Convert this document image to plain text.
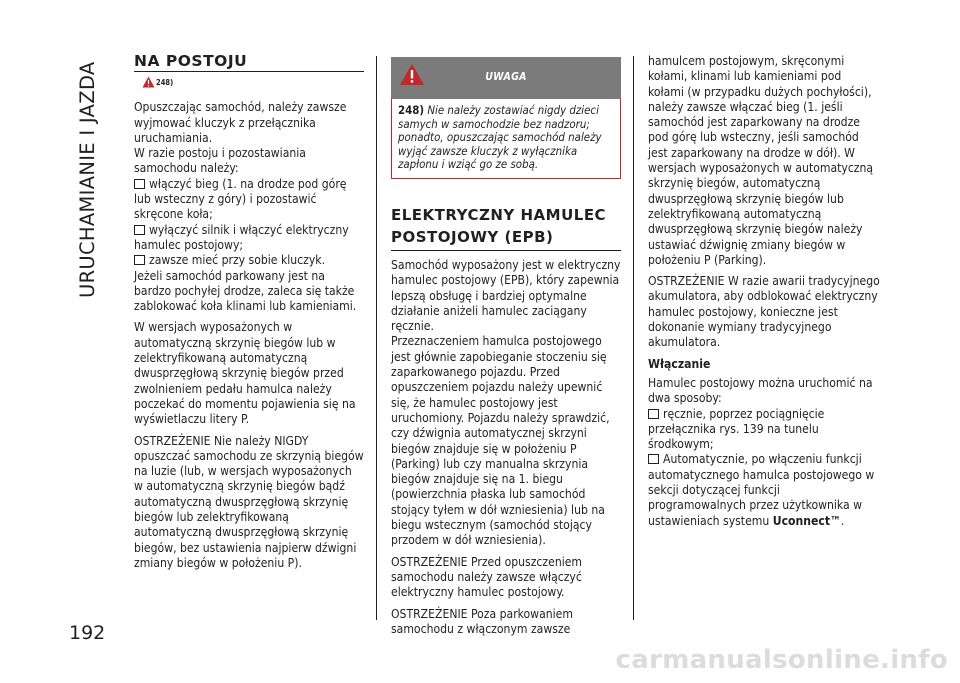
URUCHAMIANIE I JAZDA
NA POSTOJU
248)

Opuszczając samochód, należy zawsze wyjmować kluczyk z przełącznika uruchamiania.

W razie postoju i pozostawiania samochodu należy:

włączyć bieg (1. na drodze pod górę lub wsteczny z góry) i pozostawić skręcone koła;

wyłączyć silnik i włączyć elektryczny hamulec postojowy;

zawsze mieć przy sobie kluczyk.

Jeżeli samochód parkowany jest na bardzo pochyłej drodze, zaleca się także zablokować koła klinami lub kamieniami.

W wersjach wyposażonych w automatyczną skrzynię biegów lub w zelektryfikowaną automatyczną dwusprzęgłową skrzynię biegów przed zwolnieniem pedału hamulca należy poczekać do momentu pojawienia się na wyświetlaczu litery P.

OSTRZEŻENIE Nie należy NIGDY opuszczać samochodu ze skrzynią biegów na luzie (lub, w wersjach wyposażonych w automatyczną skrzynię biegów bądź automatyczną dwusprzęgłową skrzynię biegów lub zelektryfikowaną automatyczną dwusprzęgłową skrzynię biegów, bez ustawienia najpierw dźwigni zmiany biegów w położeniu P).

UWAGA
248) Nie należy zostawiać nigdy dzieci samych w samochodzie bez nadzoru; ponadto, opuszczając samochód należy wyjąć zawsze kluczyk z wyłącznika zapłonu i wziąć go ze sobą.
ELEKTRYCZNY HAMULEC
POSTOJOWY (EPB)

Samochód wyposażony jest w elektryczny hamulec postojowy (EPB), który zapewnia lepszą obsługę i bardziej optymalne działanie aniżeli hamulec zaciągany ręcznie.

Przeznaczeniem hamulca postojowego jest głównie zapobieganie stoczeniu się zaparkowanego pojazdu. Przed opuszczeniem pojazdu należy upewnić się, że hamulec postojowy jest uruchomiony. Pojazdu należy sprawdzić, czy dźwignia automatycznej skrzyni biegów znajduje się w położeniu P (Parking) lub czy manualna skrzynia biegów znajduje się na 1. biegu (powierzchnia płaska lub samochód stojący tyłem w dół wzniesienia) lub na biegu wstecznym (samochód stojący przodem w dół wzniesienia).

OSTRZEŻENIE Przed opuszczeniem samochodu należy zawsze włączyć elektryczny hamulec postojowy.

OSTRZEŻENIE Poza parkowaniem samochodu z włączonym zawsze

hamulcem postojowym, skręconymi kołami, klinami lub kamieniami pod kołami (w przypadku dużych pochyłości), należy zawsze włączać bieg (1. jeśli samochód jest zaparkowany na drodze pod górę lub wsteczny, jeśli samochód jest zaparkowany na drodze w dół). W wersjach wyposażonych w automatyczną skrzynię biegów, automatyczną dwusprzęgłową skrzynię biegów lub zelektryfikowaną automatyczną dwusprzęgłową skrzynię biegów należy ustawiać dźwignię zmiany biegów w położeniu P (Parking).

OSTRZEŻENIE W razie awarii tradycyjnego akumulatora, aby odblokować elektryczny hamulec postojowy, konieczne jest dokonanie wymiany tradycyjnego akumulatora.

Włączanie

Hamulec postojowy można uruchomić na dwa sposoby:

ręcznie, poprzez pociągnięcie przełącznika rys. 139 na tunelu środkowym;

Automatycznie, po włączeniu funkcji automatycznego hamulca postojowego w sekcji dotyczącej funkcji programowalnych przez użytkownika w ustawieniach systemu Uconnect™.

192
carmanualsonline.info
